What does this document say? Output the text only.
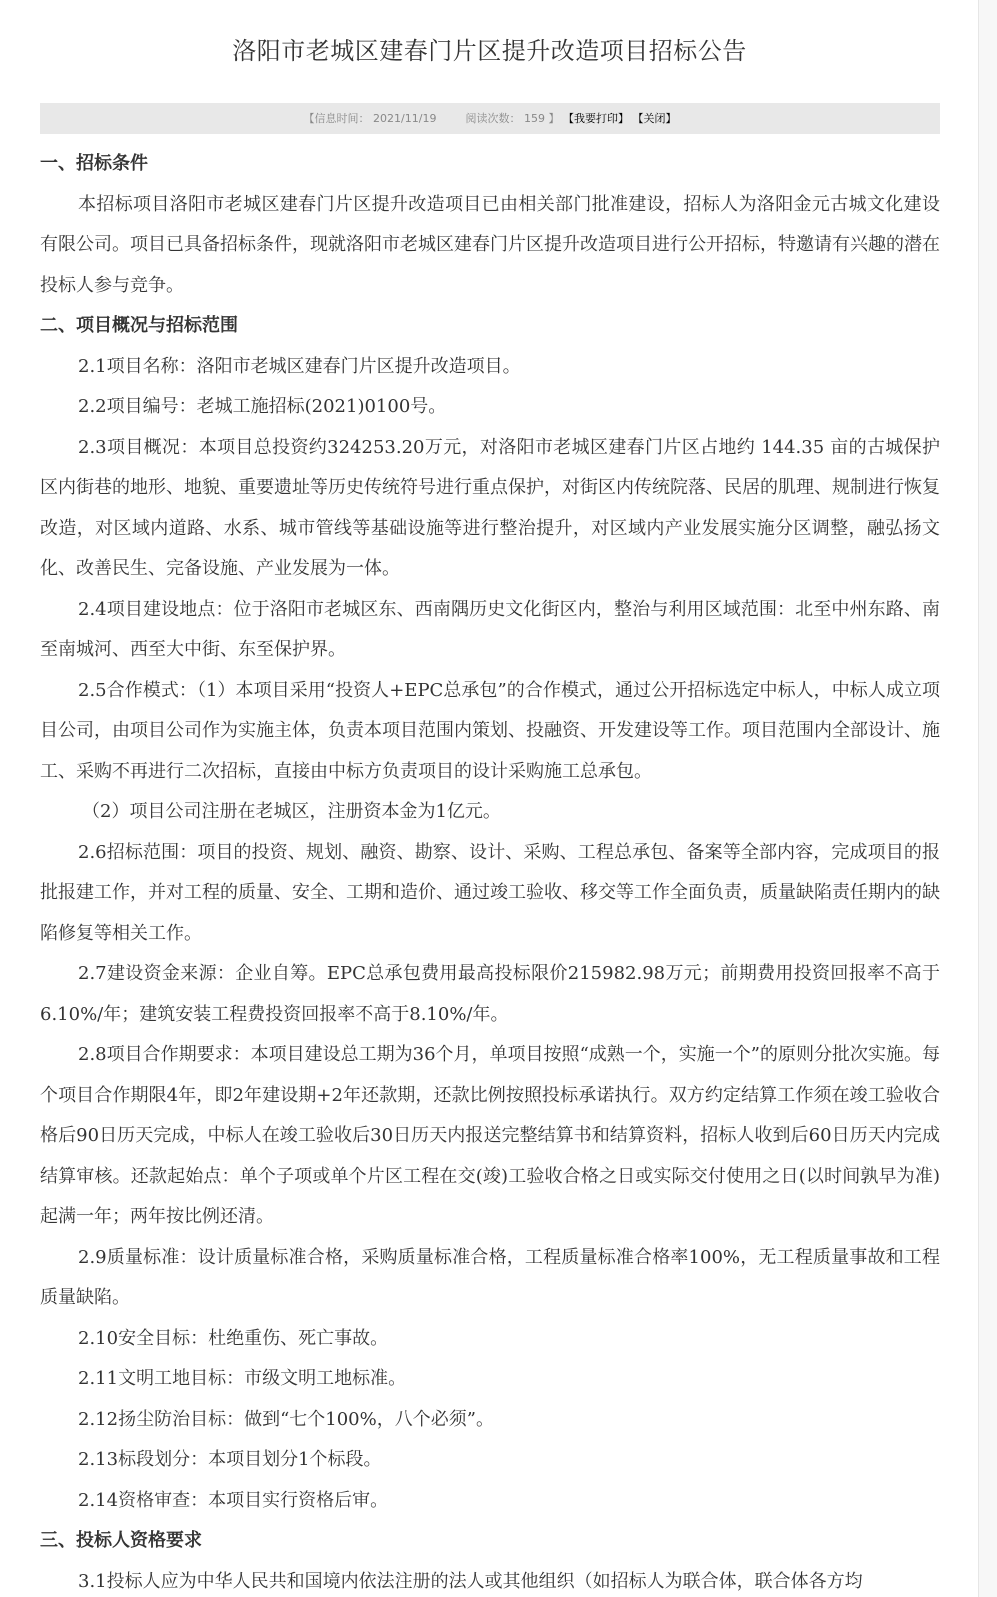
洛阳市老城区建春门片区提升改造项目招标公告
【信息时间： 2021/11/19	阅读次数： 159 】 【我要打印】 【关闭】

一、招标条件

本招标项目洛阳市老城区建春门片区提升改造项目已由相关部门批准建设，招标人为洛阳金元古城文化建设有限公司。项目已具备招标条件，现就洛阳市老城区建春门片区提升改造项目进行公开招标，特邀请有兴趣的潜在投标人参与竞争。

二、项目概况与招标范围

2.1项目名称：洛阳市老城区建春门片区提升改造项目。

2.2项目编号：老城工施招标(2021)0100号。

2.3项目概况：本项目总投资约324253.20万元，对洛阳市老城区建春门片区占地约 144.35 亩的古城保护区内街巷的地形、地貌、重要遗址等历史传统符号进行重点保护，对街区内传统院落、民居的肌理、规制进行恢复改造，对区域内道路、水系、城市管线等基础设施等进行整治提升，对区域内产业发展实施分区调整，融弘扬文化、改善民生、完备设施、产业发展为一体。

2.4项目建设地点：位于洛阳市老城区东、西南隅历史文化街区内，整治与利用区域范围：北至中州东路、南至南城河、西至大中街、东至保护界。

2.5合作模式：（1）本项目采用“投资人+EPC总承包”的合作模式，通过公开招标选定中标人，中标人成立项目公司，由项目公司作为实施主体，负责本项目范围内策划、投融资、开发建设等工作。项目范围内全部设计、施工、采购不再进行二次招标，直接由中标方负责项目的设计采购施工总承包。

（2）项目公司注册在老城区，注册资本金为1亿元。

2.6招标范围：项目的投资、规划、融资、勘察、设计、采购、工程总承包、备案等全部内容，完成项目的报批报建工作，并对工程的质量、安全、工期和造价、通过竣工验收、移交等工作全面负责，质量缺陷责任期内的缺陷修复等相关工作。

2.7建设资金来源：企业自筹。EPC总承包费用最高投标限价215982.98万元；前期费用投资回报率不高于6.10%/年；建筑安装工程费投资回报率不高于8.10%/年。

2.8项目合作期要求：本项目建设总工期为36个月，单项目按照“成熟一个，实施一个”的原则分批次实施。每个项目合作期限4年，即2年建设期+2年还款期，还款比例按照投标承诺执行。双方约定结算工作须在竣工验收合格后90日历天完成，中标人在竣工验收后30日历天内报送完整结算书和结算资料，招标人收到后60日历天内完成结算审核。还款起始点：单个子项或单个片区工程在交(竣)工验收合格之日或实际交付使用之日(以时间孰早为准)起满一年；两年按比例还清。

2.9质量标准：设计质量标准合格，采购质量标准合格，工程质量标准合格率100%，无工程质量事故和工程质量缺陷。

2.10安全目标：杜绝重伤、死亡事故。

2.11文明工地目标：市级文明工地标准。

2.12扬尘防治目标：做到“七个100%，八个必须”。

2.13标段划分：本项目划分1个标段。

2.14资格审查：本项目实行资格后审。

三、投标人资格要求

3.1投标人应为中华人民共和国境内依法注册的法人或其他组织（如招标人为联合体，联合体各方均
